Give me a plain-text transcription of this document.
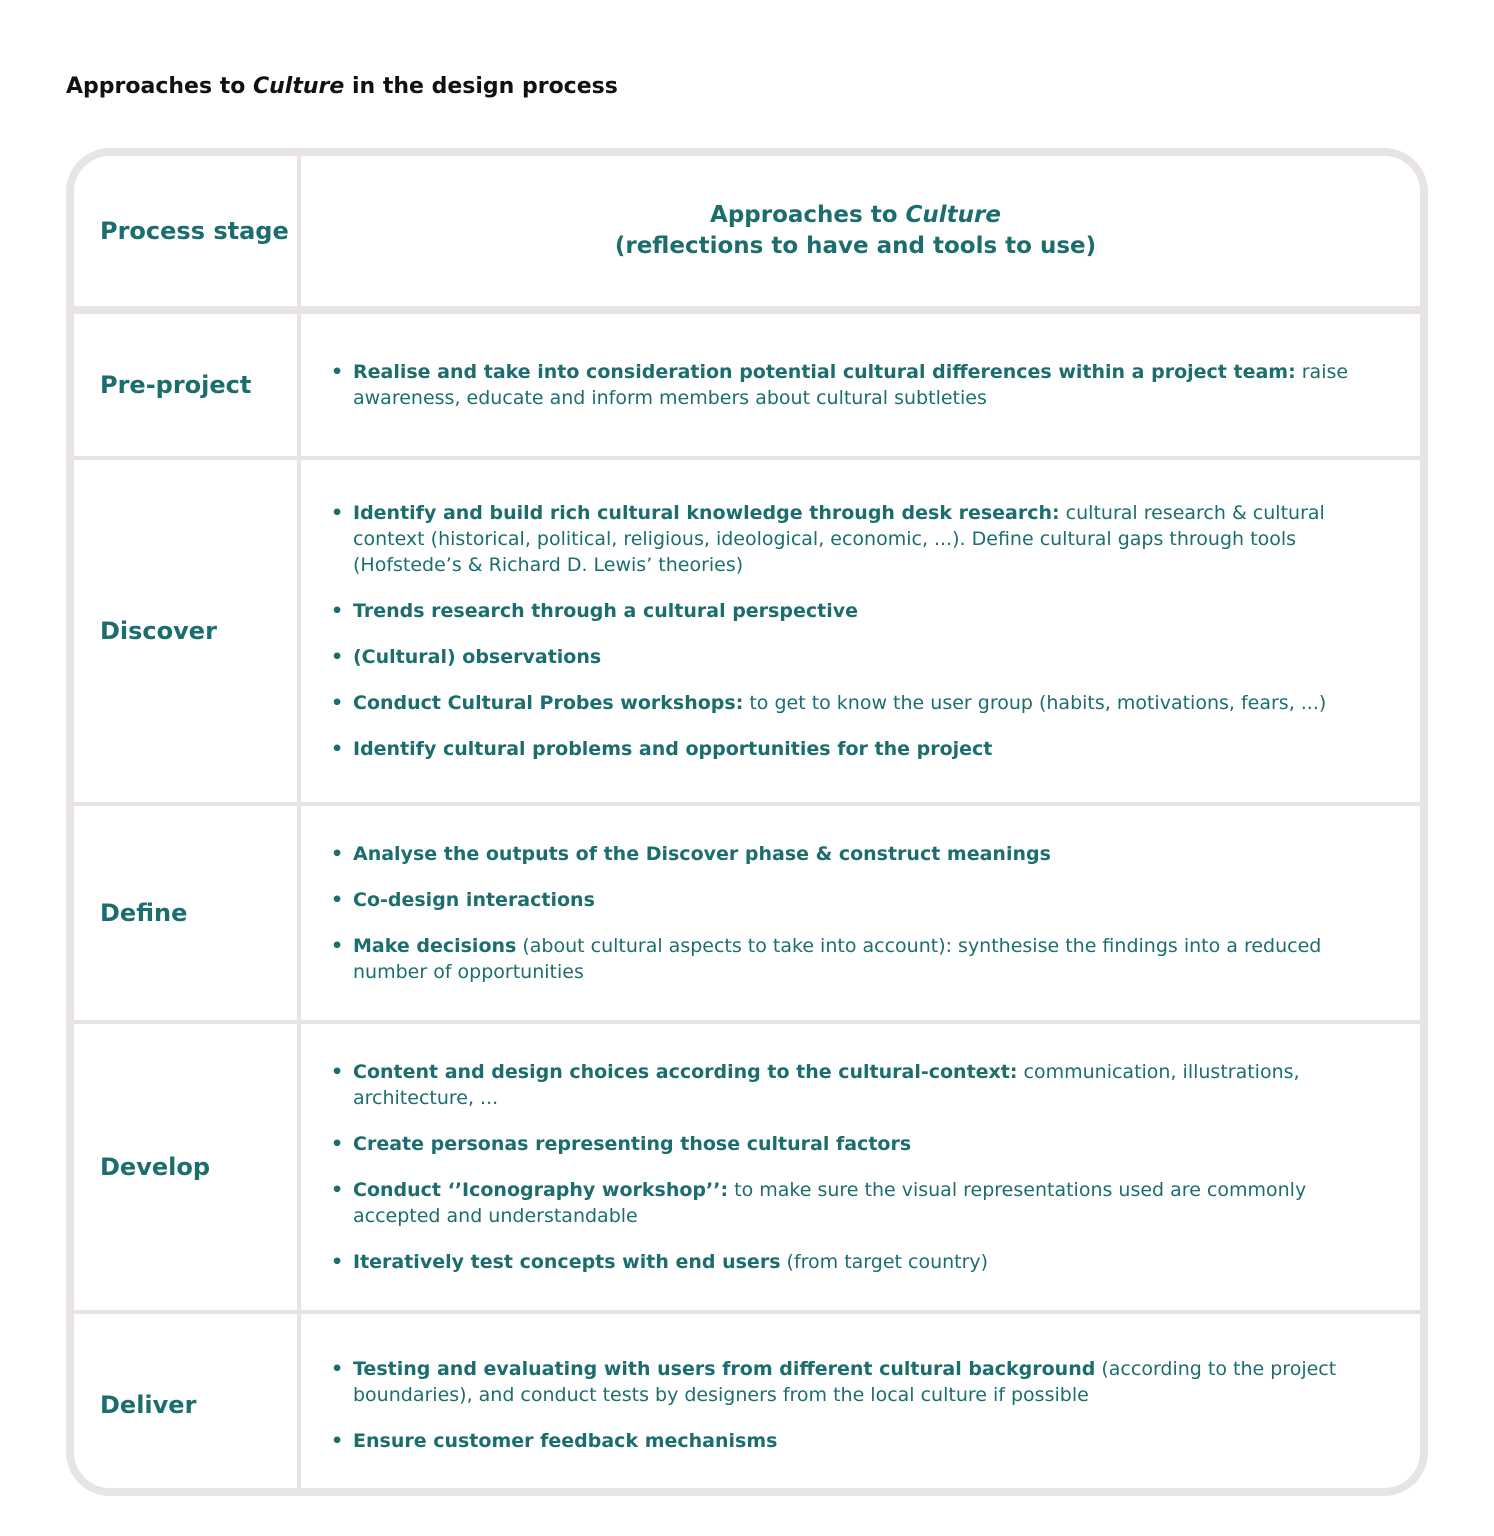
Approaches to Culture in the design process
Process stage
Approaches to Culture
(reflections to have and tools to use)
Pre-project	• Realise and take into consideration potential cultural differences within a project team: raise awareness, educate and inform members about cultural subtleties
Discover
• Identify and build rich cultural knowledge through desk research: cultural research & cultural context (historical, political, religious, ideological, economic, ...). Define cultural gaps through tools (Hofstede’s & Richard D. Lewis’ theories)
• Trends research through a cultural perspective
• (Cultural) observations
• Conduct Cultural Probes workshops: to get to know the user group (habits, motivations, fears, ...)
• Identify cultural problems and opportunities for the project
Define
• Analyse the outputs of the Discover phase & construct meanings
• Co-design interactions
• Make decisions (about cultural aspects to take into account): synthesise the findings into a reduced number of opportunities
Develop
• Content and design choices according to the cultural-context: communication, illustrations, architecture, ...
• Create personas representing those cultural factors
• Conduct ‘’Iconography workshop’’: to make sure the visual representations used are commonly accepted and understandable
• Iteratively test concepts with end users (from target country)
Deliver
• Testing and evaluating with users from different cultural background (according to the project boundaries), and conduct tests by designers from the local culture if possible
• Ensure customer feedback mechanisms
